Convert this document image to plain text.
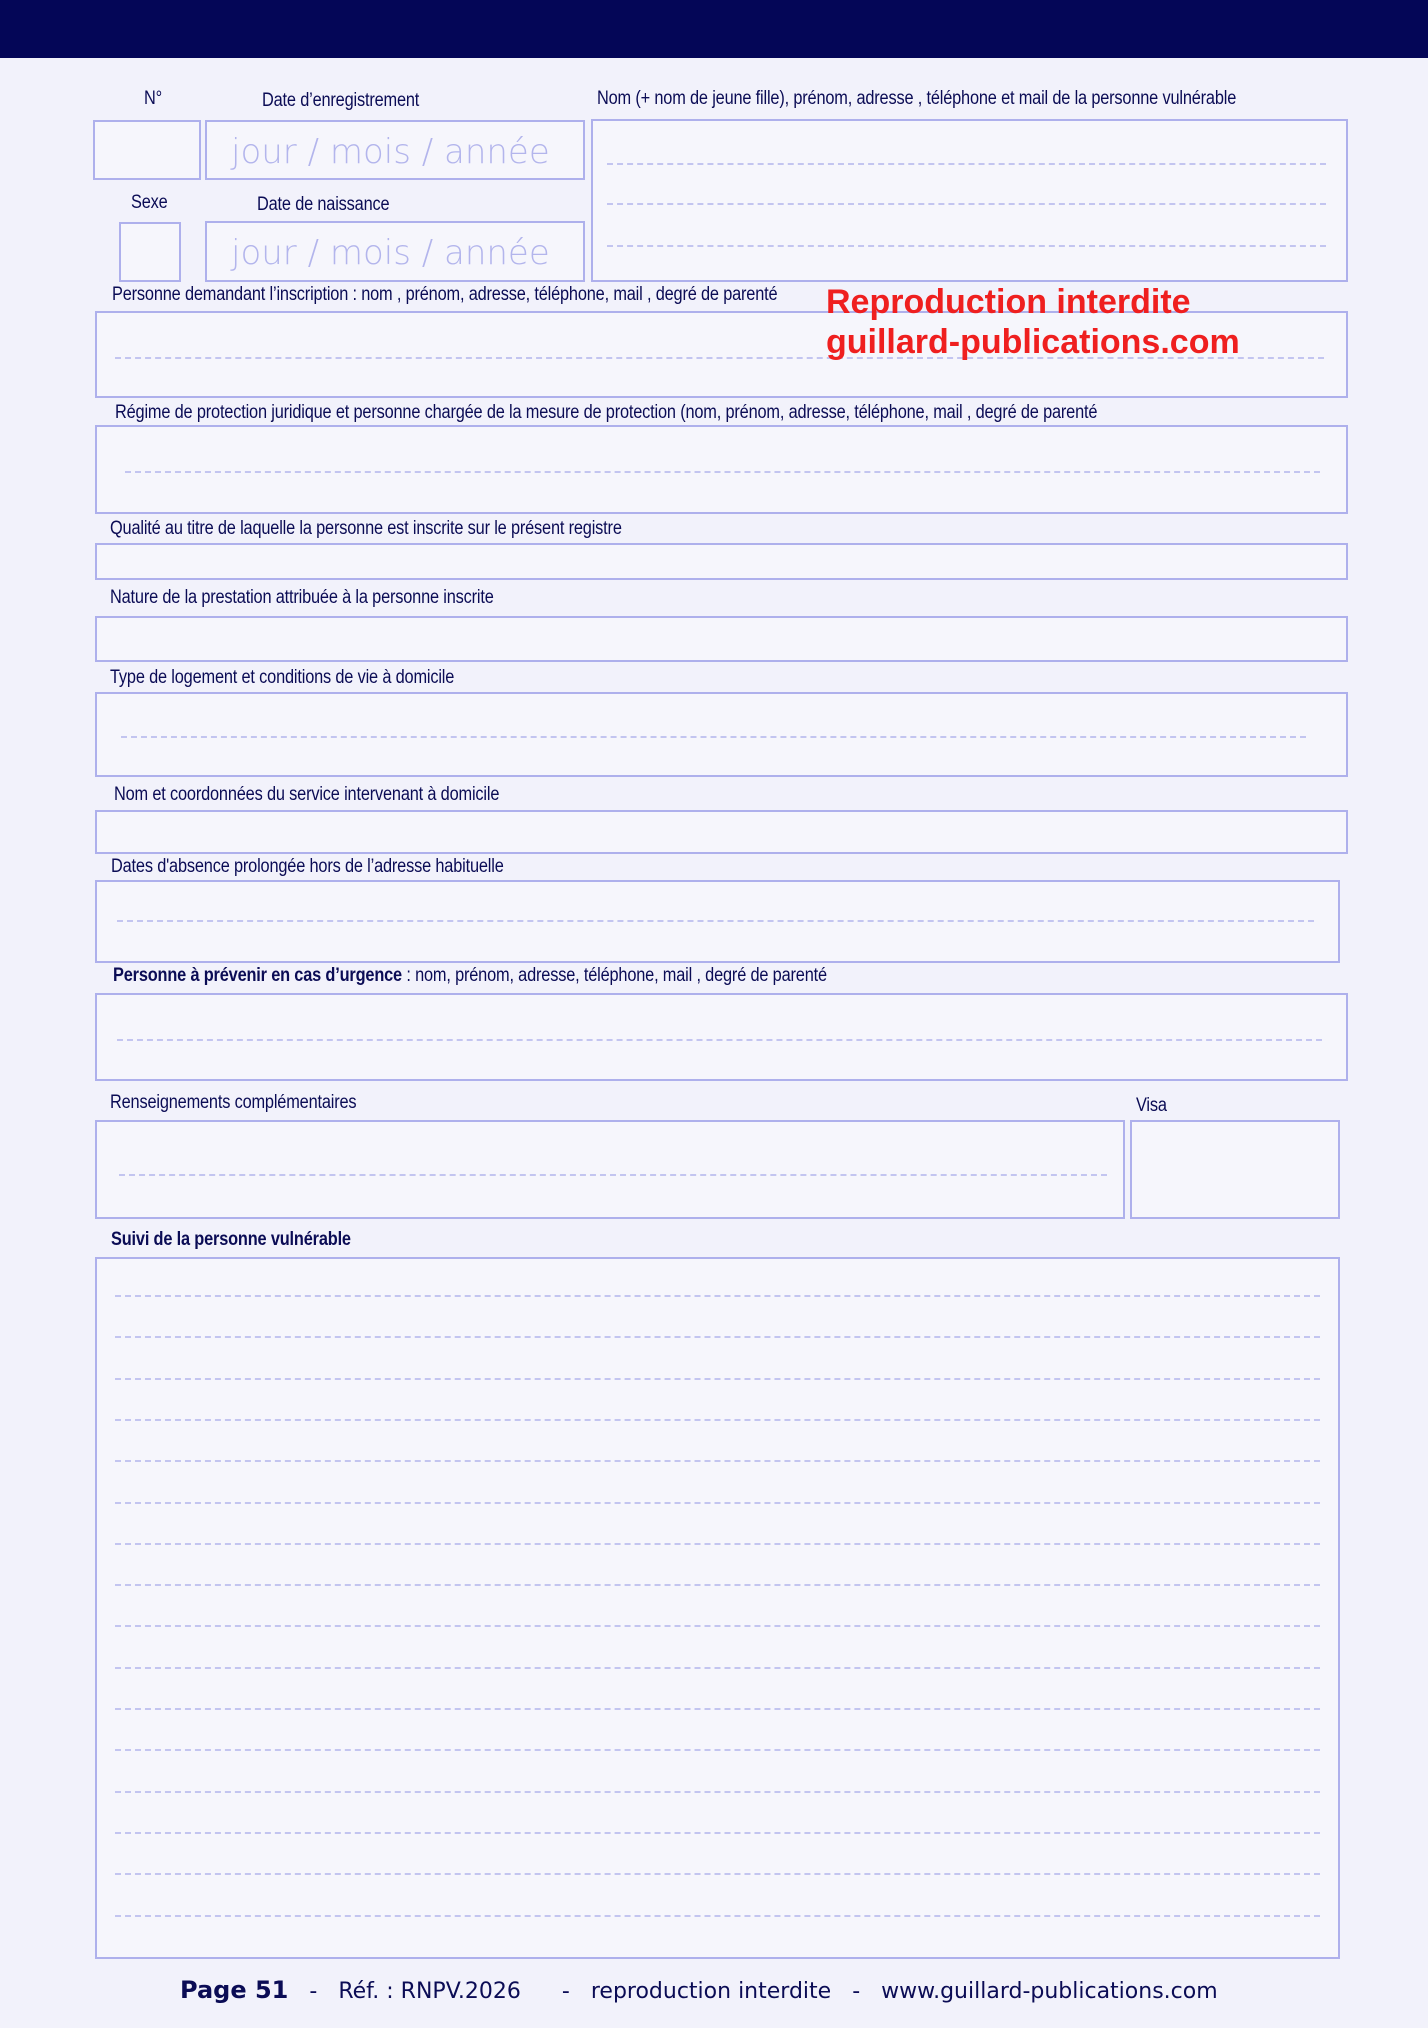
N°	Date d’enregistrement	Nom (+ nom de jeune fille), prénom, adresse , téléphone et mail de la personne vulnérable
jour / mois / année
Sexe	Date de naissance
jour / mois / année
Personne demandant l’inscription : nom , prénom, adresse, téléphone, mail , degré de parenté Reproduction interdite
guillard-publications.com
Régime de protection juridique et personne chargée de la mesure de protection (nom, prénom, adresse, téléphone, mail , degré de parenté
Qualité au titre de laquelle la personne est inscrite sur le présent registre
Nature de la prestation attribuée à la personne inscrite
Type de logement et conditions de vie à domicile
Nom et coordonnées du service intervenant à domicile
Dates d'absence prolongée hors de l’adresse habituelle
Personne à prévenir en cas d’urgence : nom, prénom, adresse, téléphone, mail , degré de parenté
Renseignements complémentaires	Visa
Suivi de la personne vulnérable
Page 51 - Réf. : RNPV.2026 - reproduction interdite - www.guillard-publications.com
